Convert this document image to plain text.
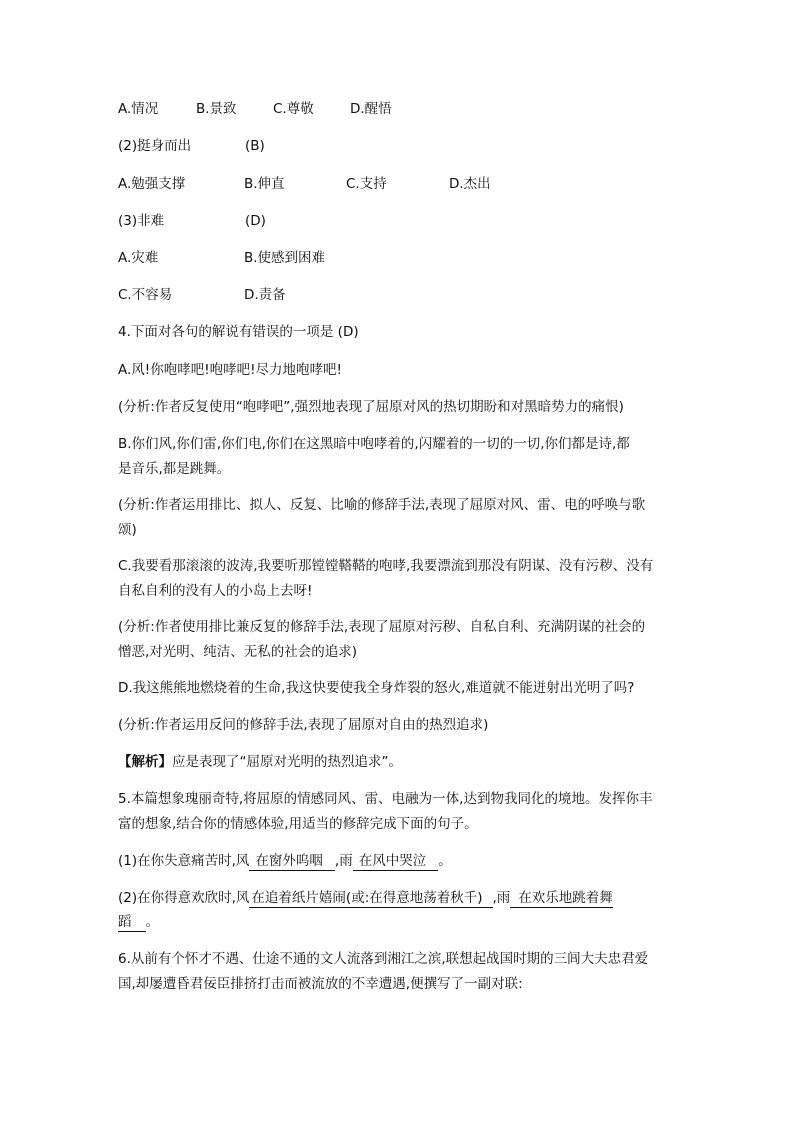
A.情况	B.景致	C.尊敬	D.醒悟
(2)挺身而出	(B)
A.勉强支撑	B.伸直	C.支持	D.杰出
(3)非难	(D)
A.灾难	B.使感到困难
C.不容易	D.责备
4.下面对各句的解说有错误的一项是 (D)
A.风!你咆哮吧!咆哮吧!尽力地咆哮吧!
(分析:作者反复使用“咆哮吧”,强烈地表现了屈原对风的热切期盼和对黑暗势力的痛恨)
B.你们风,你们雷,你们电,你们在这黑暗中咆哮着的,闪耀着的一切的一切,你们都是诗,都
是音乐,都是跳舞。
(分析:作者运用排比、拟人、反复、比喻的修辞手法,表现了屈原对风、雷、电的呼唤与歌
颂)
C.我要看那滚滚的波涛,我要听那镗镗鞳鞳的咆哮,我要漂流到那没有阴谋、没有污秽、没有
自私自利的没有人的小岛上去呀!
(分析:作者使用排比兼反复的修辞手法,表现了屈原对污秽、自私自利、充满阴谋的社会的
憎恶,对光明、纯洁、无私的社会的追求)
D.我这熊熊地燃烧着的生命,我这快要使我全身炸裂的怒火,难道就不能迸射出光明了吗?
(分析:作者运用反问的修辞手法,表现了屈原对自由的热烈追求)
【解析】应是表现了“屈原对光明的热烈追求”。
5.本篇想象瑰丽奇特,将屈原的情感同风、雷、电融为一体,达到物我同化的境地。发挥你丰
富的想象,结合你的情感体验,用适当的修辞完成下面的句子。
(1)在你失意痛苦时,风 在窗外呜咽 ,雨 在风中哭泣 。
(2)在你得意欢欣时,风 在追着纸片嬉闹(或:在得意地荡着秋千) ,雨 在欢乐地跳着舞
蹈 。
6.从前有个怀才不遇、仕途不通的文人流落到湘江之滨,联想起战国时期的三闾大夫忠君爱
国,却屡遭昏君佞臣排挤打击而被流放的不幸遭遇,便撰写了一副对联:
